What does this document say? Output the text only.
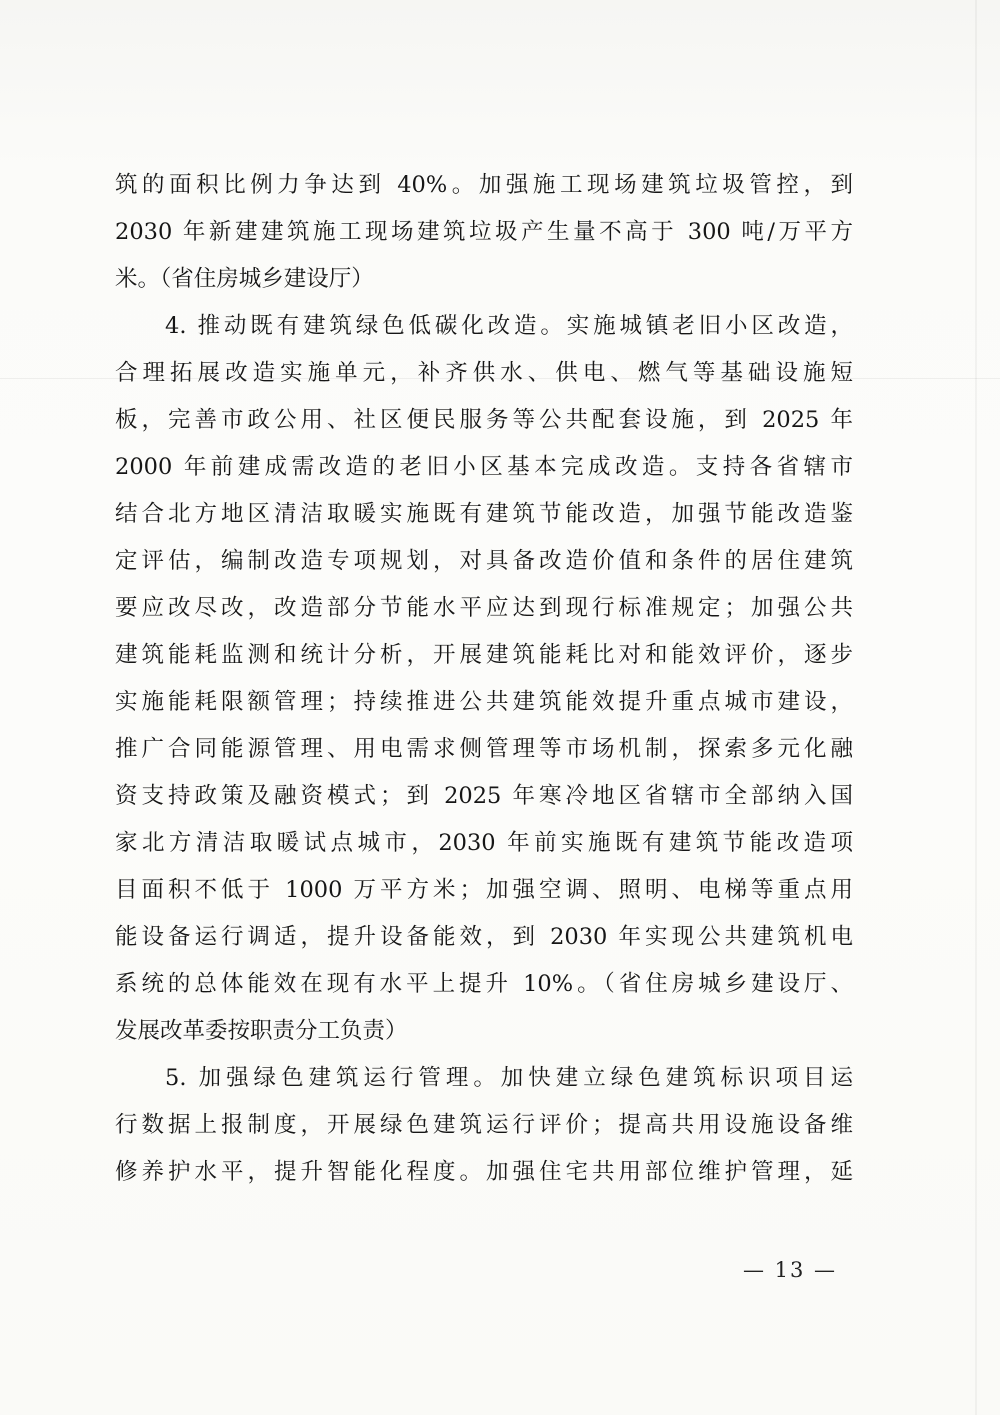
筑的面积比例力争达到 40%。加强施工现场建筑垃圾管控，到
2030 年新建建筑施工现场建筑垃圾产生量不高于 300 吨/万平方
米。（省住房城乡建设厅）
4. 推动既有建筑绿色低碳化改造。实施城镇老旧小区改造，
合理拓展改造实施单元，补齐供水、供电、燃气等基础设施短
板，完善市政公用、社区便民服务等公共配套设施，到 2025 年
2000 年前建成需改造的老旧小区基本完成改造。支持各省辖市
结合北方地区清洁取暖实施既有建筑节能改造，加强节能改造鉴
定评估，编制改造专项规划，对具备改造价值和条件的居住建筑
要应改尽改，改造部分节能水平应达到现行标准规定；加强公共
建筑能耗监测和统计分析，开展建筑能耗比对和能效评价，逐步
实施能耗限额管理；持续推进公共建筑能效提升重点城市建设，
推广合同能源管理、用电需求侧管理等市场机制，探索多元化融
资支持政策及融资模式；到 2025 年寒冷地区省辖市全部纳入国
家北方清洁取暖试点城市，2030 年前实施既有建筑节能改造项
目面积不低于 1000 万平方米；加强空调、照明、电梯等重点用
能设备运行调适，提升设备能效，到 2030 年实现公共建筑机电
系统的总体能效在现有水平上提升 10%。（省住房城乡建设厅、
发展改革委按职责分工负责）
5. 加强绿色建筑运行管理。加快建立绿色建筑标识项目运
行数据上报制度，开展绿色建筑运行评价；提高共用设施设备维
修养护水平，提升智能化程度。加强住宅共用部位维护管理，延
— 13 —
